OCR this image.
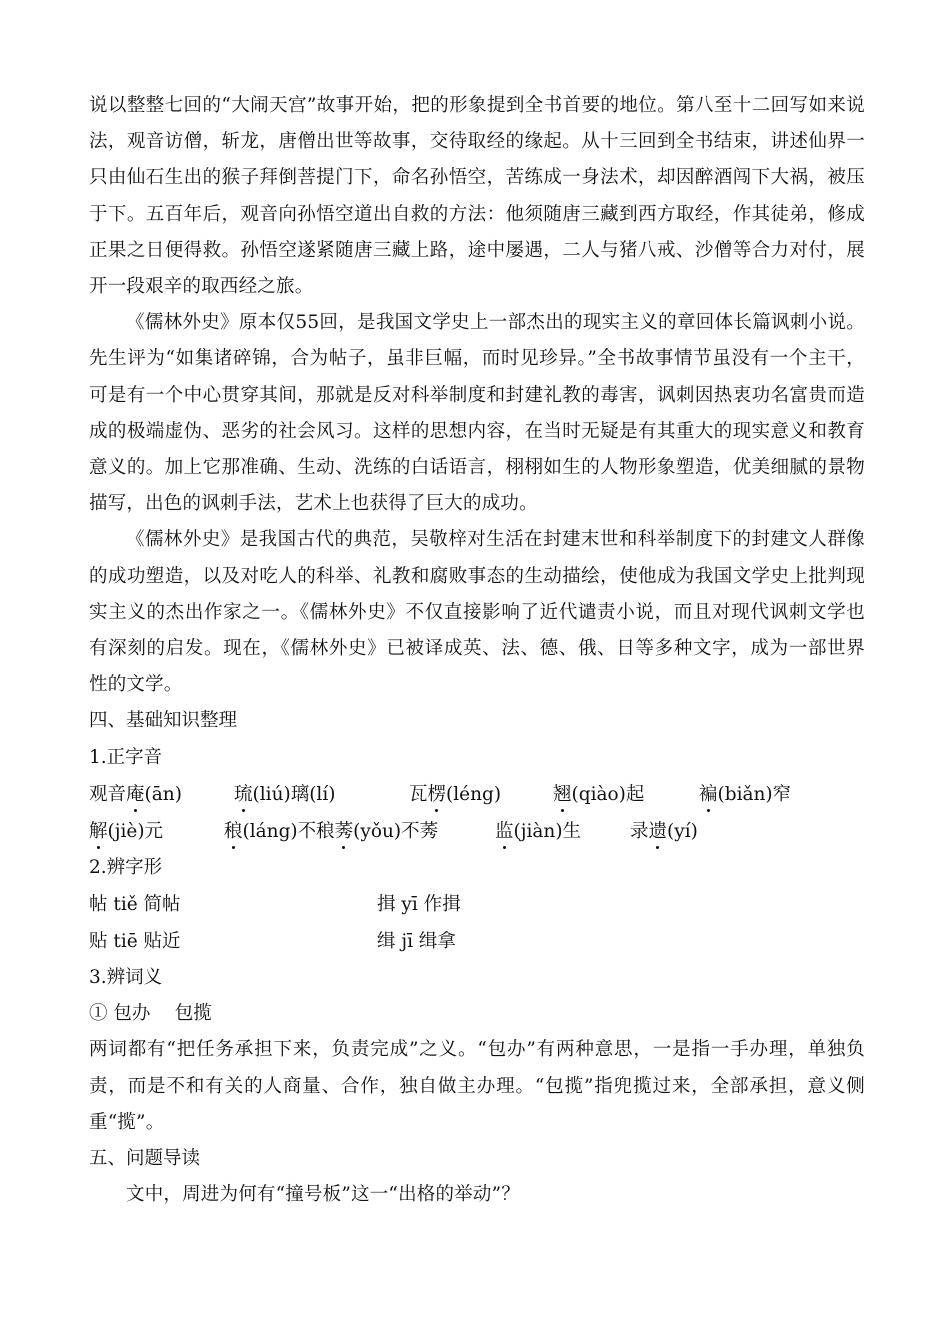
说以整整七回的“大闹天宫”故事开始，把的形象提到全书首要的地位。第八至十二回写如来说法，观音访僧，斩龙，唐僧出世等故事，交待取经的缘起。从十三回到全书结束，讲述仙界一只由仙石生出的猴子拜倒菩提门下，命名孙悟空，苦练成一身法术，却因醉酒闯下大祸，被压于下。五百年后，观音向孙悟空道出自救的方法：他须随唐三藏到西方取经，作其徒弟，修成正果之日便得救。孙悟空遂紧随唐三藏上路，途中屡遇，二人与猪八戒、沙僧等合力对付，展开一段艰辛的取西经之旅。

《儒林外史》原本仅55回，是我国文学史上一部杰出的现实主义的章回体长篇讽刺小说。先生评为“如集诸碎锦，合为帖子，虽非巨幅，而时见珍异。”全书故事情节虽没有一个主干，可是有一个中心贯穿其间，那就是反对科举制度和封建礼教的毒害，讽刺因热衷功名富贵而造成的极端虚伪、恶劣的社会风习。这样的思想内容，在当时无疑是有其重大的现实意义和教育意义的。加上它那准确、生动、洗练的白话语言，栩栩如生的人物形象塑造，优美细腻的景物描写，出色的讽刺手法，艺术上也获得了巨大的成功。

《儒林外史》是我国古代的典范，吴敬梓对生活在封建末世和科举制度下的封建文人群像的成功塑造，以及对吃人的科举、礼教和腐败事态的生动描绘，使他成为我国文学史上批判现实主义的杰出作家之一。《儒林外史》不仅直接影响了近代谴责小说，而且对现代讽刺文学也有深刻的启发。现在，《儒林外史》已被译成英、法、德、俄、日等多种文字，成为一部世界性的文学。

四、基础知识整理
1.正字音
观音庵(ān)	琉(liú)璃(lí)	瓦楞(léng)	翘(qiào)起	褊(biǎn)窄
解(jiè)元	稂(láng)不稂莠(yǒu)不莠	监(jiàn)生	录遗(yí)
2.辨字形
帖 tiě 简帖	揖 yī 作揖
贴 tiē 贴近	缉 jī 缉拿
3.辨词义
① 包办　 包揽

两词都有“把任务承担下来，负责完成”之义。“包办”有两种意思，一是指一手办理，单独负责，而是不和有关的人商量、合作，独自做主办理。“包揽”指兜揽过来，全部承担，意义侧重“揽”。

五、问题导读

文中，周进为何有“撞号板”这一“出格的举动”？
